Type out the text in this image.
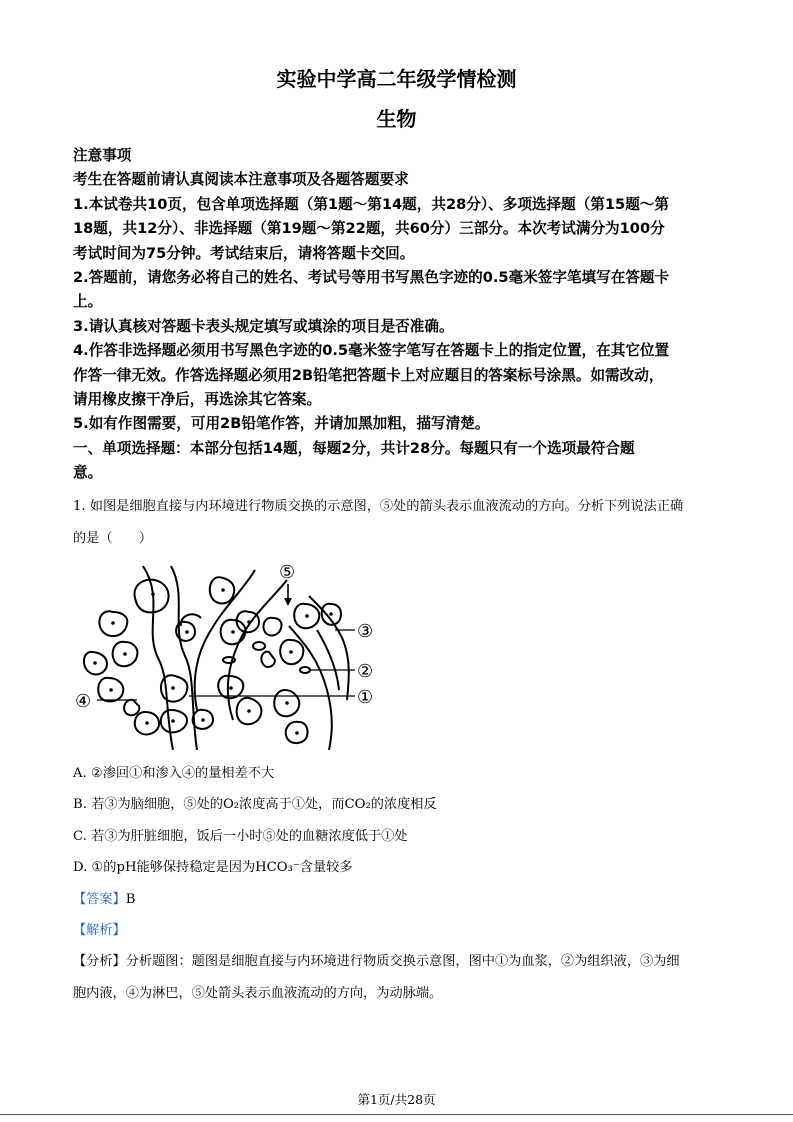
实验中学高二年级学情检测
生物
注意事项
考生在答题前请认真阅读本注意事项及各题答题要求
1.本试卷共10页，包含单项选择题（第1题～第14题，共28分）、多项选择题（第15题～第
18题，共12分）、非选择题（第19题～第22题，共60分）三部分。本次考试满分为100分
考试时间为75分钟。考试结束后，请将答题卡交回。
2.答题前，请您务必将自己的姓名、考试号等用书写黑色字迹的0.5毫米签字笔填写在答题卡
上。
3.请认真核对答题卡表头规定填写或填涂的项目是否准确。
4.作答非选择题必须用书写黑色字迹的0.5毫米签字笔写在答题卡上的指定位置，在其它位置
作答一律无效。作答选择题必须用2B铅笔把答题卡上对应题目的答案标号涂黑。如需改动，
请用橡皮擦干净后，再选涂其它答案。
5.如有作图需要，可用2B铅笔作答，并请加黑加粗，描写清楚。
一、单项选择题：本部分包括14题，每题2分，共计28分。每题只有一个选项最符合题
意。
1. 如图是细胞直接与内环境进行物质交换的示意图，⑤处的箭头表示血液流动的方向。分析下列说法正确
的是（　　）
⑤
③
②
①
④
A. ②渗回①和渗入④的量相差不大
B. 若③为脑细胞，⑤处的O₂浓度高于①处，而CO₂的浓度相反
C. 若③为肝脏细胞，饭后一小时⑤处的血糖浓度低于①处
D. ①的pH能够保持稳定是因为HCO₃⁻含量较多
【答案】B
【解析】
【分析】分析题图：题图是细胞直接与内环境进行物质交换示意图，图中①为血浆，②为组织液，③为细
胞内液，④为淋巴，⑤处箭头表示血液流动的方向，为动脉端。
第1页/共28页
